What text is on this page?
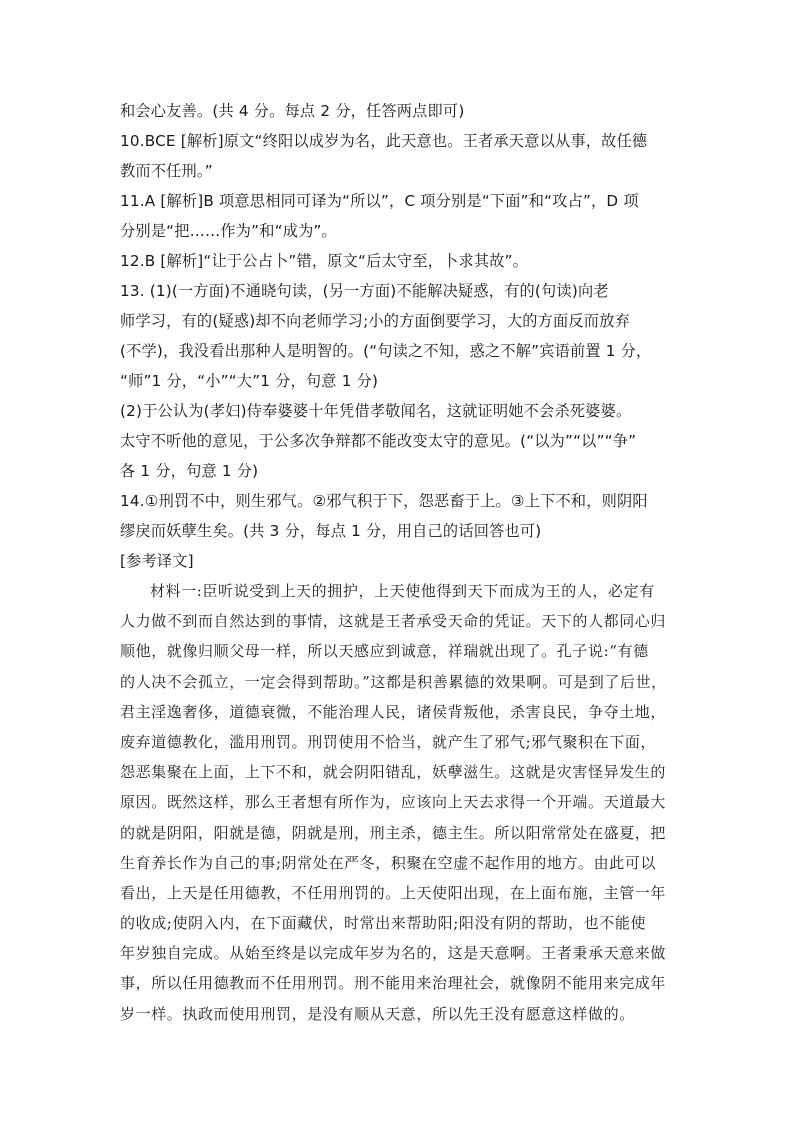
和会心友善。(共 4 分。每点 2 分，任答两点即可)
10.BCE [解析]原文“终阳以成岁为名，此天意也。王者承天意以从事，故任德
教而不任刑。”
11.A [解析]B 项意思相同可译为“所以”，C 项分别是“下面”和“攻占”，D 项
分别是“把……作为”和“成为”。
12.B [解析]“让于公占卜”错，原文“后太守至，卜求其故”。
13. (1)(一方面)不通晓句读，(另一方面)不能解决疑惑，有的(句读)向老
师学习，有的(疑惑)却不向老师学习;小的方面倒要学习，大的方面反而放弃
(不学)，我没看出那种人是明智的。(“句读之不知，惑之不解”宾语前置 1 分，
“师”1 分，“小”“大”1 分，句意 1 分)
(2)于公认为(孝妇)侍奉婆婆十年凭借孝敬闻名，这就证明她不会杀死婆婆。
太守不听他的意见，于公多次争辩都不能改变太守的意见。(“以为”“以”“争”
各 1 分，句意 1 分)
14.①刑罚不中，则生邪气。②邪气积于下，怨恶畜于上。③上下不和，则阴阳
缪戾而妖孽生矣。(共 3 分，每点 1 分，用自己的话回答也可)
[参考译文]
材料一:臣听说受到上天的拥护，上天使他得到天下而成为王的人，必定有
人力做不到而自然达到的事情，这就是王者承受天命的凭证。天下的人都同心归
顺他，就像归顺父母一样，所以天感应到诚意，祥瑞就出现了。孔子说:“有德
的人决不会孤立，一定会得到帮助。”这都是积善累德的效果啊。可是到了后世，
君主淫逸奢侈，道德衰微，不能治理人民，诸侯背叛他，杀害良民，争夺土地，
废弃道德教化，滥用刑罚。刑罚使用不恰当，就产生了邪气;邪气聚积在下面，
怨恶集聚在上面，上下不和，就会阴阳错乱，妖孽滋生。这就是灾害怪异发生的
原因。既然这样，那么王者想有所作为，应该向上天去求得一个开端。天道最大
的就是阴阳，阳就是德，阴就是刑，刑主杀，德主生。所以阳常常处在盛夏，把
生育养长作为自己的事;阴常处在严冬，积聚在空虚不起作用的地方。由此可以
看出，上天是任用德教，不任用刑罚的。上天使阳出现，在上面布施，主管一年
的收成;使阴入内，在下面藏伏，时常出来帮助阳;阳没有阴的帮助，也不能使
年岁独自完成。从始至终是以完成年岁为名的，这是天意啊。王者秉承天意来做
事，所以任用德教而不任用刑罚。刑不能用来治理社会，就像阴不能用来完成年
岁一样。执政而使用刑罚，是没有顺从天意，所以先王没有愿意这样做的。
